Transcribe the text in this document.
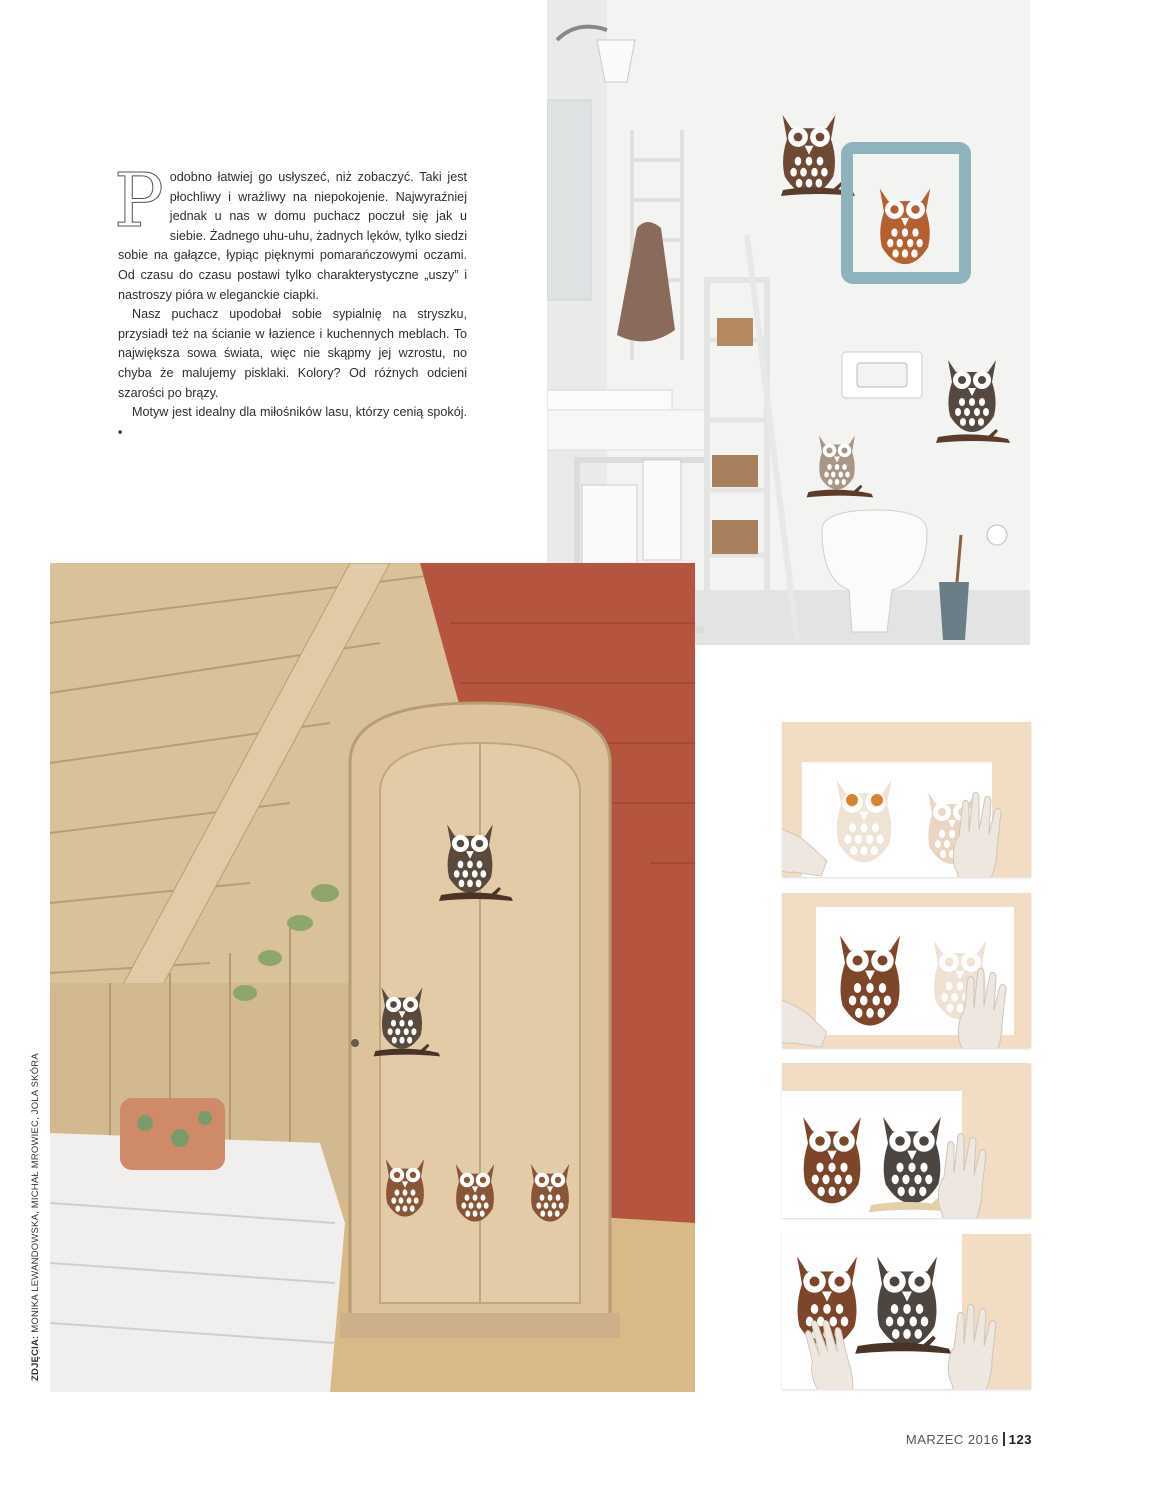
Podobno łatwiej go usłyszeć, niż zobaczyć. Taki jest płochliwy i wrażliwy na niepokojenie. Najwyraźniej jednak u nas w domu puchacz poczuł się jak u siebie. Żadnego uhu-uhu, żadnych lęków, tylko siedzi sobie na gałązce, łypiąc pięknymi pomarańczowymi oczami. Od czasu do czasu postawi tylko charakterystyczne „uszy” i nastroszy pióra w eleganckie ciapki.

Nasz puchacz upodobał sobie sypialnię na stryszku, przysiadł też na ścianie w łazience i kuchennych meblach. To największa sowa świata, więc nie skąpmy jej wzrostu, no chyba że malujemy pisklaki. Kolory? Od różnych odcieni szarości po brązy.

Motyw jest idealny dla miłośników lasu, którzy cenią spokój. ▪

ZDJĘCIA: MONIKA LEWANDOWSKA, MICHAŁ MROWIEC, JOLA SKÓRA
MARZEC 2016 123
